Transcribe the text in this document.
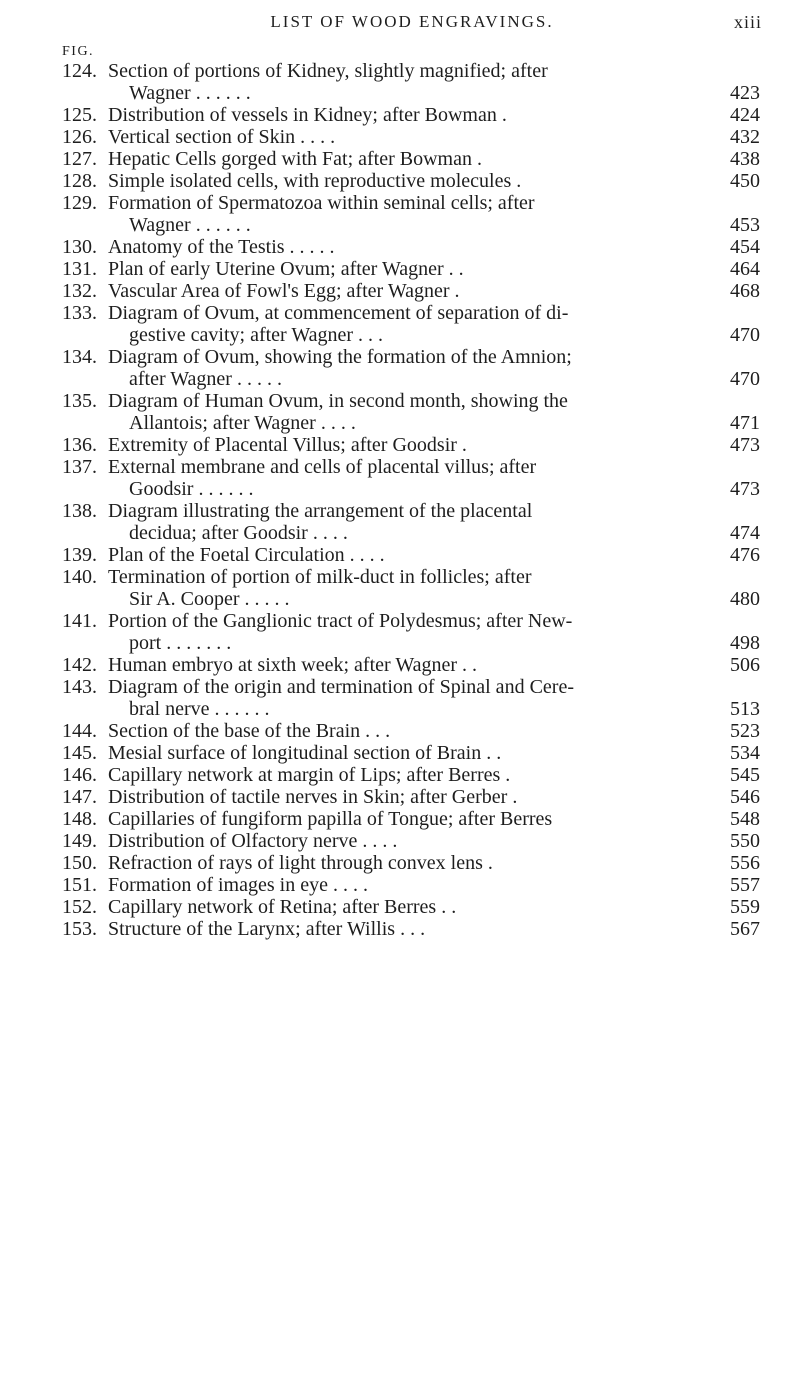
LIST OF WOOD ENGRAVINGS.	xiii
FIG.
124. Section of portions of Kidney, slightly magnified; after
Wagner . . . . . .	423
125. Distribution of vessels in Kidney; after Bowman .	424
126. Vertical section of Skin . . . .	432
127. Hepatic Cells gorged with Fat; after Bowman .	438
128. Simple isolated cells, with reproductive molecules .	450
129. Formation of Spermatozoa within seminal cells; after
Wagner . . . . . .	453
130. Anatomy of the Testis . . . . .	454
131. Plan of early Uterine Ovum; after Wagner . .	464
132. Vascular Area of Fowl's Egg; after Wagner .	468
133. Diagram of Ovum, at commencement of separation of di-
gestive cavity; after Wagner . . .	470
134. Diagram of Ovum, showing the formation of the Amnion;
after Wagner . . . . .	470
135. Diagram of Human Ovum, in second month, showing the
Allantois; after Wagner . . . .	471
136. Extremity of Placental Villus; after Goodsir .	473
137. External membrane and cells of placental villus; after
Goodsir . . . . . .	473
138. Diagram illustrating the arrangement of the placental
decidua; after Goodsir . . . .	474
139. Plan of the Foetal Circulation . . . .	476
140. Termination of portion of milk-duct in follicles; after
Sir A. Cooper . . . . .	480
141. Portion of the Ganglionic tract of Polydesmus; after New-
port . . . . . . .	498
142. Human embryo at sixth week; after Wagner . .	506
143. Diagram of the origin and termination of Spinal and Cere-
bral nerve . . . . . .	513
144. Section of the base of the Brain . . .	523
145. Mesial surface of longitudinal section of Brain . .	534
146. Capillary network at margin of Lips; after Berres .	545
147. Distribution of tactile nerves in Skin; after Gerber .	546
148. Capillaries of fungiform papilla of Tongue; after Berres	548
149. Distribution of Olfactory nerve . . . .	550
150. Refraction of rays of light through convex lens .	556
151. Formation of images in eye . . . .	557
152. Capillary network of Retina; after Berres . .	559
153. Structure of the Larynx; after Willis . . .	567
